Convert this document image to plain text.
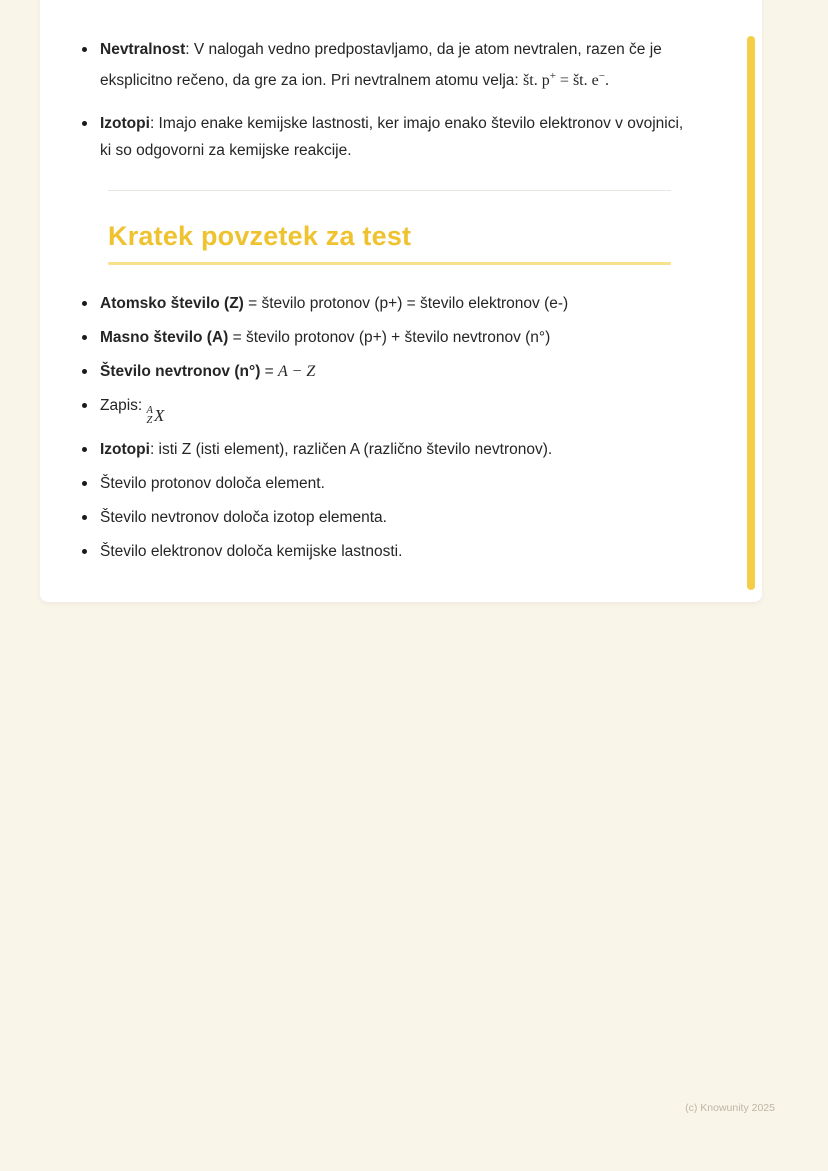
Nevtralnost: V nalogah vedno predpostavljamo, da je atom nevtralen, razen če je eksplicitno rečeno, da gre za ion. Pri nevtralnem atomu velja: št. p+ = št. e−.
Izotopi: Imajo enake kemijske lastnosti, ker imajo enako število elektronov v ovojnici, ki so odgovorni za kemijske reakcije.
Kratek povzetek za test
Atomsko število (Z) = število protonov (p+) = število elektronov (e-)
Masno število (A) = število protonov (p+) + število nevtronov (n°)
Število nevtronov (n°) = A − Z
Zapis: A
Z X
Izotopi: isti Z (isti element), različen A (različno število nevtronov).
Število protonov določa element.
Število nevtronov določa izotop elementa.
Število elektronov določa kemijske lastnosti.
(c) Knowunity 2025
